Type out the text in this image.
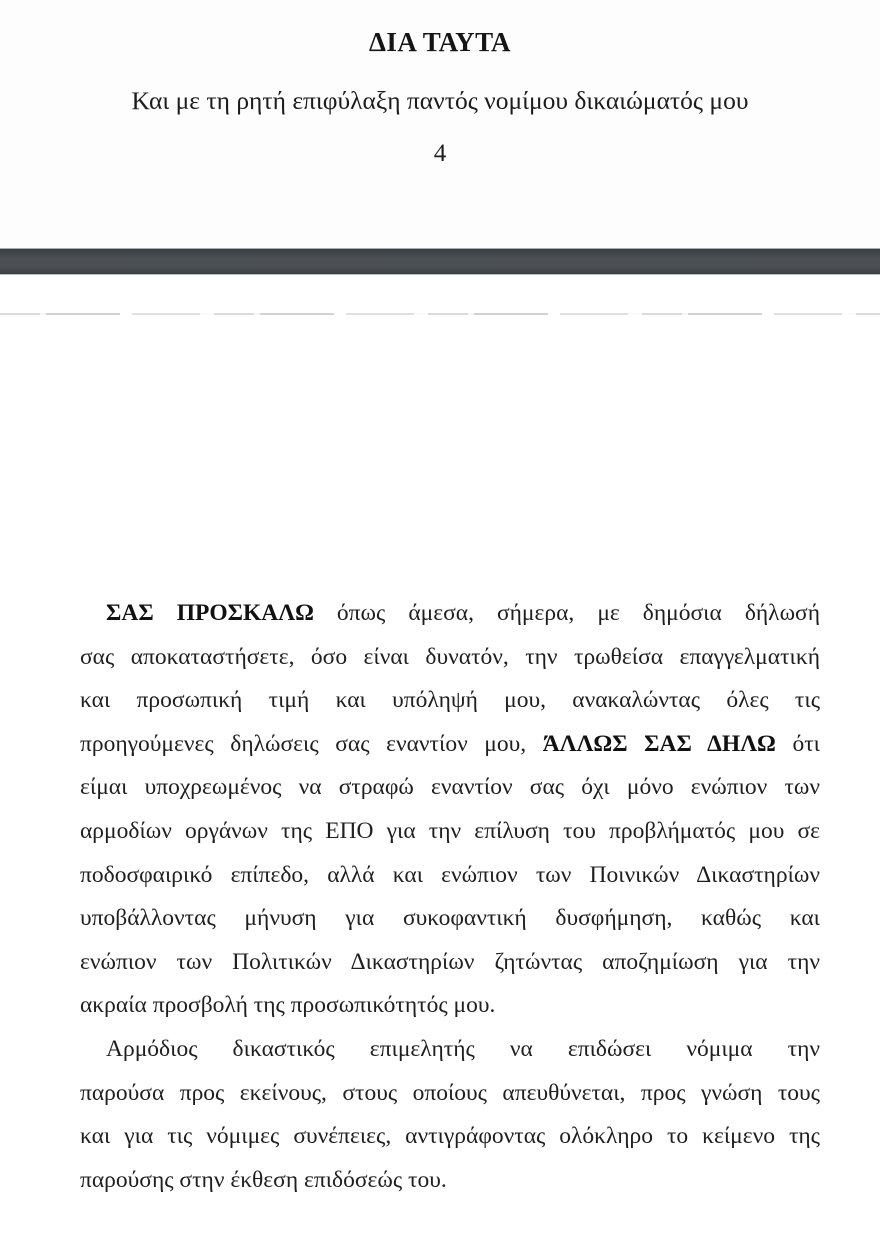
ΔΙΑ ΤΑΥΤΑ
Και με τη ρητή επιφύλαξη παντός νομίμου δικαιώματός μου
4
ΣΑΣ ΠΡΟΣΚΑΛΩ όπως άμεσα, σήμερα, με δημόσια δήλωσή
σας αποκαταστήσετε, όσο είναι δυνατόν, την τρωθείσα επαγγελματική
και προσωπική τιμή και υπόληψή μου, ανακαλώντας όλες τις
προηγούμενες δηλώσεις σας εναντίον μου, ΆΛΛΩΣ ΣΑΣ ΔΗΛΩ ότι
είμαι υποχρεωμένος να στραφώ εναντίον σας όχι μόνο ενώπιον των
αρμοδίων οργάνων της ΕΠΟ για την επίλυση του προβλήματός μου σε
ποδοσφαιρικό επίπεδο, αλλά και ενώπιον των Ποινικών Δικαστηρίων
υποβάλλοντας μήνυση για συκοφαντική δυσφήμηση, καθώς και
ενώπιον των Πολιτικών Δικαστηρίων ζητώντας αποζημίωση για την
ακραία προσβολή της προσωπικότητός μου.
Αρμόδιος δικαστικός επιμελητής να επιδώσει νόμιμα την
παρούσα προς εκείνους, στους οποίους απευθύνεται, προς γνώση τους
και για τις νόμιμες συνέπειες, αντιγράφοντας ολόκληρο το κείμενο της
παρούσης στην έκθεση επιδόσεώς του.
